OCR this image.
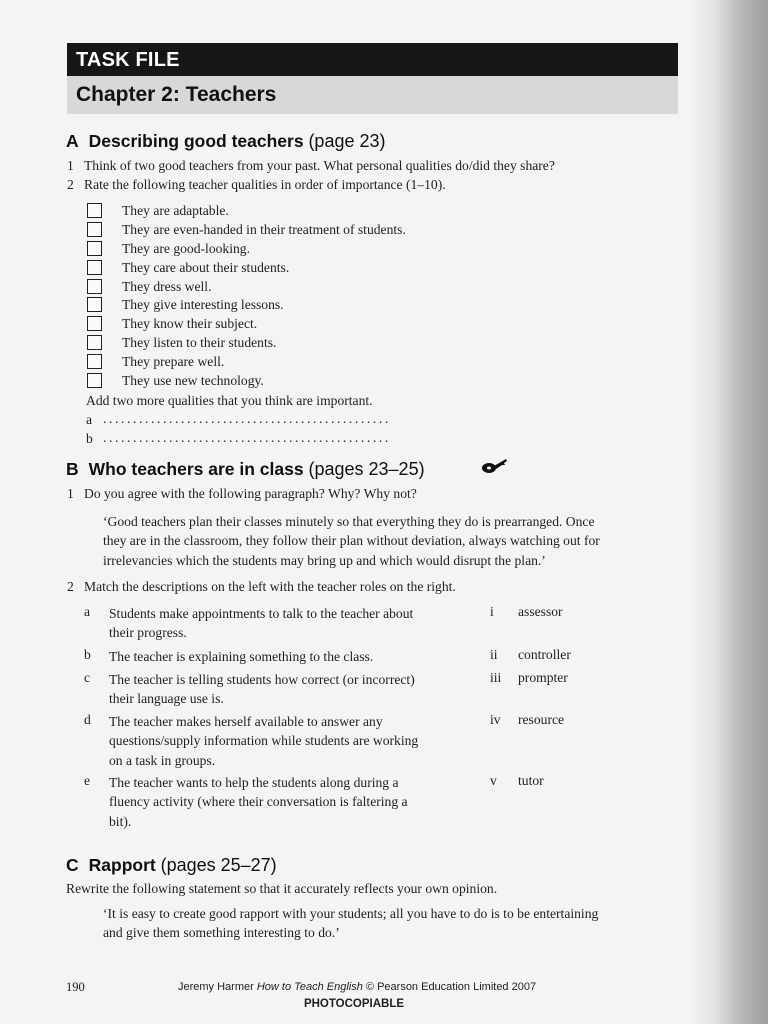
TASK FILE
Chapter 2: Teachers
A Describing good teachers (page 23)
1 Think of two good teachers from your past. What personal qualities do/did they share?
2 Rate the following teacher qualities in order of importance (1–10).
They are adaptable.
They are even-handed in their treatment of students.
They are good-looking.
They care about their students.
They dress well.
They give interesting lessons.
They know their subject.
They listen to their students.
They prepare well.
They use new technology.
Add two more qualities that you think are important.
a ................................................
b ................................................
B Who teachers are in class (pages 23–25)
1 Do you agree with the following paragraph? Why? Why not?
‘Good teachers plan their classes minutely so that everything they do is prearranged. Once
they are in the classroom, they follow their plan without deviation, always watching out for
irrelevancies which the students may bring up and which would disrupt the plan.’
2 Match the descriptions on the left with the teacher roles on the right.
a Students make appointments to talk to the teacher about
their progress.
i assessor
b The teacher is explaining something to the class.	ii controller
c The teacher is telling students how correct (or incorrect)
their language use is.
iii prompter
d The teacher makes herself available to answer any
questions/supply information while students are working
on a task in groups.
iv resource
e The teacher wants to help the students along during a
fluency activity (where their conversation is faltering a
bit).
v tutor
C Rapport (pages 25–27)
Rewrite the following statement so that it accurately reflects your own opinion.
‘It is easy to create good rapport with your students; all you have to do is to be entertaining
and give them something interesting to do.’
190	Jeremy Harmer How to Teach English © Pearson Education Limited 2007
PHOTOCOPIABLE
